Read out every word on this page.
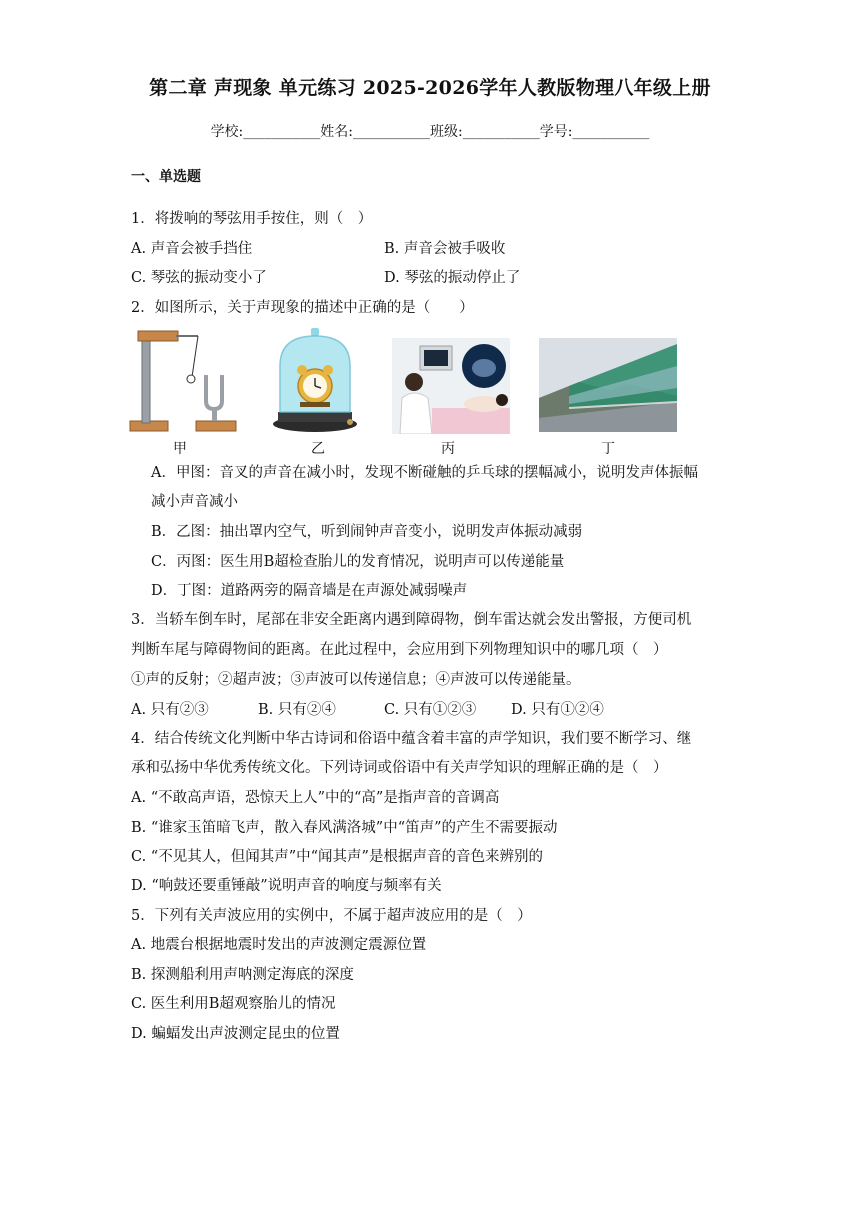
第二章 声现象 单元练习 2025-2026学年人教版物理八年级上册
学校:___________姓名:___________班级:___________学号:___________
一、单选题
1．将拨响的琴弦用手按住，则（　）
A. 声音会被手挡住	B. 声音会被手吸收
C. 琴弦的振动变小了	D. 琴弦的振动停止了
2．如图所示，关于声现象的描述中正确的是（　　）
甲	乙	丙	丁
A．甲图：音叉的声音在减小时，发现不断碰触的乒乓球的摆幅减小，说明发声体振幅
减小声音减小
B．乙图：抽出罩内空气，听到闹钟声音变小，说明发声体振动减弱
C．丙图：医生用B超检查胎儿的发育情况，说明声可以传递能量
D．丁图：道路两旁的隔音墙是在声源处减弱噪声
3．当轿车倒车时，尾部在非安全距离内遇到障碍物，倒车雷达就会发出警报，方便司机
判断车尾与障碍物间的距离。在此过程中，会应用到下列物理知识中的哪几项（　）
①声的反射；②超声波；③声波可以传递信息；④声波可以传递能量。
A. 只有②③	B. 只有②④	C. 只有①②③ D. 只有①②④
4．结合传统文化判断中华古诗词和俗语中蕴含着丰富的声学知识，我们要不断学习、继
承和弘扬中华优秀传统文化。下列诗词或俗语中有关声学知识的理解正确的是（　）
A. “不敢高声语，恐惊天上人”中的“高”是指声音的音调高
B. “谁家玉笛暗飞声，散入春风满洛城”中“笛声”的产生不需要振动
C. “不见其人，但闻其声”中“闻其声”是根据声音的音色来辨别的
D. “响鼓还要重锤敲”说明声音的响度与频率有关
5．下列有关声波应用的实例中，不属于超声波应用的是（　）
A. 地震台根据地震时发出的声波测定震源位置
B. 探测船利用声呐测定海底的深度
C. 医生利用B超观察胎儿的情况
D. 蝙蝠发出声波测定昆虫的位置
